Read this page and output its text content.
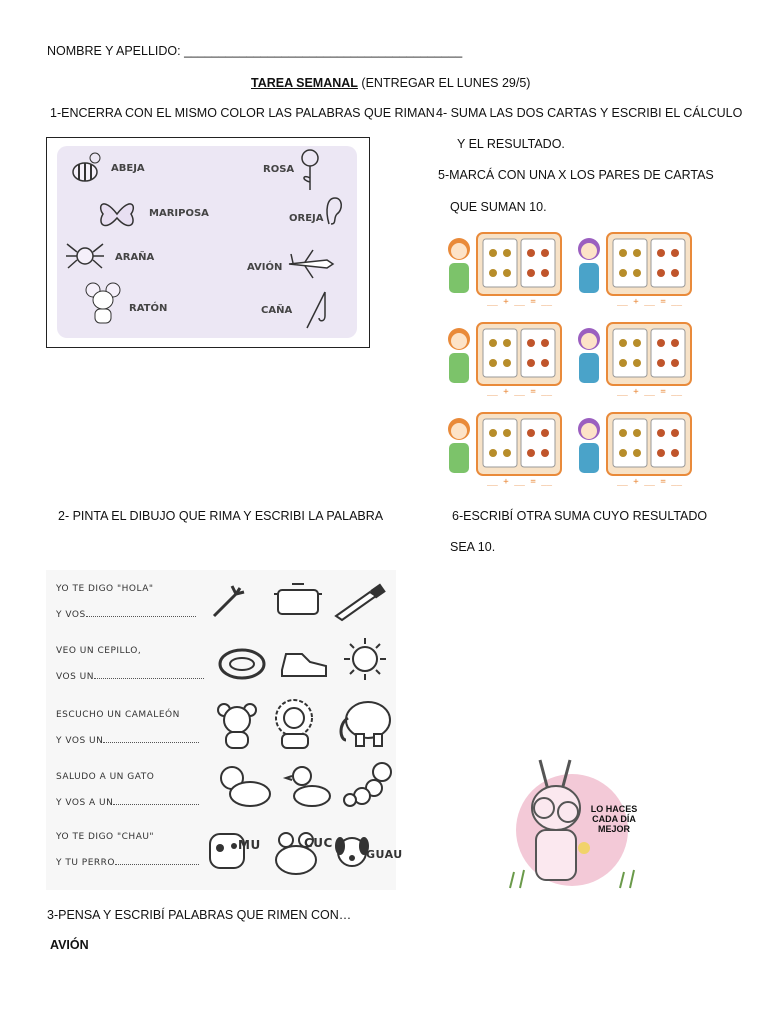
NOMBRE Y APELLIDO: ________________________________________
TAREA SEMANAL (ENTREGAR EL LUNES 29/5)
1-ENCERRA CON EL MISMO COLOR LAS PALABRAS QUE RIMAN
ABEJA	ROSA
MARIPOSA	OREJA
ARAÑA
AVIÓN
RATÓN	CAÑA
4- SUMA LAS DOS CARTAS Y ESCRIBI EL CÁLCULO
Y EL RESULTADO.
5-MARCÁ CON UNA X LOS PARES DE CARTAS
QUE SUMAN 10.
__ + __ = __	__ + __ = __
__ + __ = __	__ + __ = __
__ + __ = __	__ + __ = __
2- PINTA EL DIBUJO QUE RIMA Y ESCRIBI LA PALABRA	6-ESCRIBÍ OTRA SUMA CUYO RESULTADO
SEA 10.
YO TE DIGO "HOLA"
Y VOS
VEO UN CEPILLO,
VOS UN
ESCUCHO UN CAMALEÓN
Y VOS UN
SALUDO A UN GATO
Y VOS A UN
YO TE DIGO "CHAU"
Y TU PERRO
MU	CUC
GUAU
LO HACES
CADA DÍA
MEJOR
3-PENSA Y ESCRIBÍ PALABRAS QUE RIMEN CON…
AVIÓN
